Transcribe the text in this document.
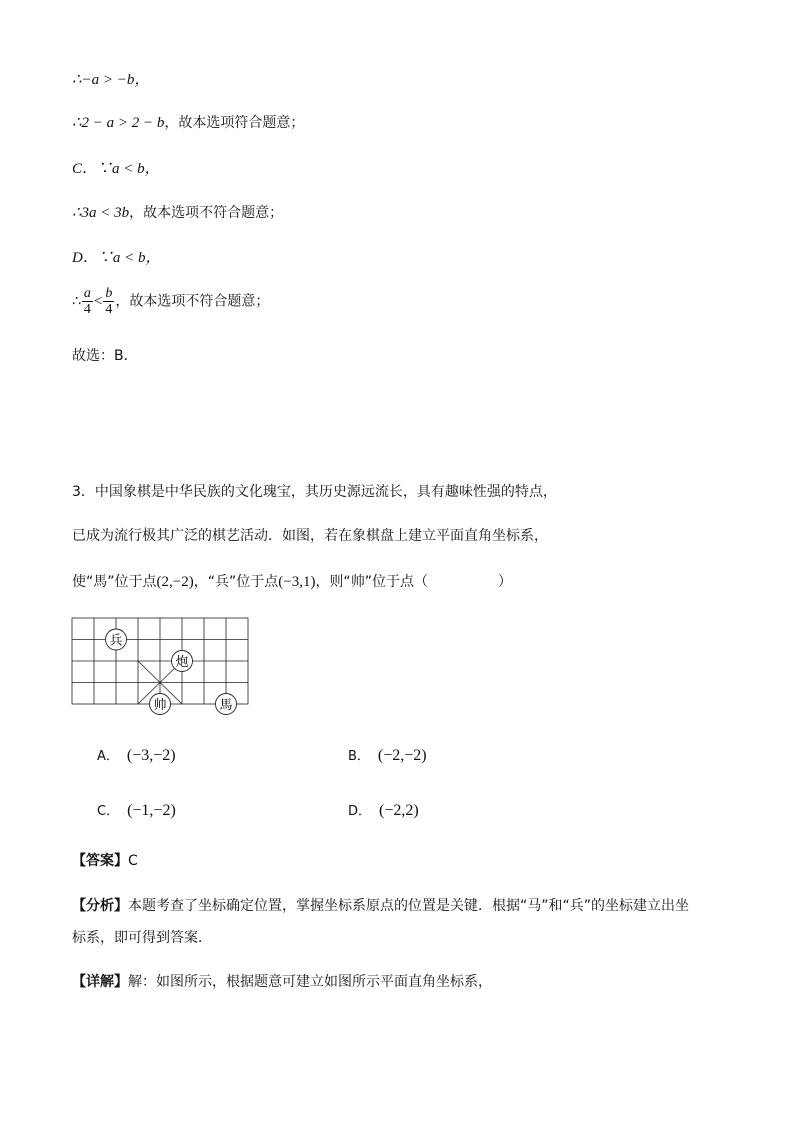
∴−a > −b，
∴2 − a > 2 − b，故本选项符合题意；
C．∵a < b，
∴3a < 3b，故本选项不符合题意；
D．∵a < b，
∴ $\frac{a}{4} < \frac{b}{4}$ ，故本选项不符合题意；
故选：B．
3．中国象棋是中华民族的文化瑰宝，其历史源远流长，具有趣味性强的特点，
已成为流行极其广泛的棋艺活动．如图，若在象棋盘上建立平面直角坐标系，
使“馬”位于点(2,−2)，“兵”位于点(−3,1)，则“帅”位于点（	）
兵
炮
帅	馬
A． (−3,−2)	B． (−2,−2)
C． (−1,−2)	D． (−2,2)
【答案】C
【分析】本题考查了坐标确定位置，掌握坐标系原点的位置是关键．根据“马”和“兵”的坐标建立出坐
标系，即可得到答案．
【详解】解：如图所示，根据题意可建立如图所示平面直角坐标系，
